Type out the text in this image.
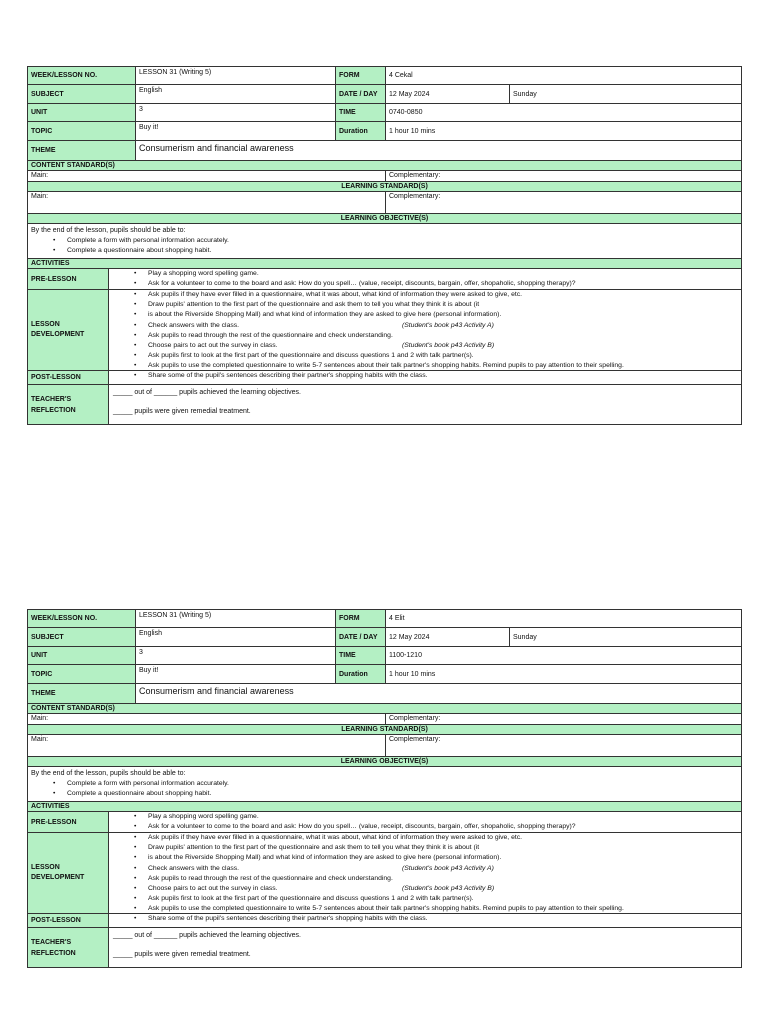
WEEK/LESSON NO.	LESSON 31 (Writing 5)	FORM	4 Cekal
SUBJECT	English	DATE / DAY	12 May 2024	Sunday
UNIT	3	TIME	0740-0850
TOPIC	Buy it!	Duration	1 hour 10 mins
THEME	Consumerism and financial awareness
CONTENT STANDARD(S)
Main:	Complementary:
LEARNING STANDARD(S)
Main:	Complementary:
LEARNING OBJECTIVE(S)
By the end of the lesson, pupils should be able to:
• Complete a form with personal information accurately.
• Complete a questionnaire about shopping habit.
ACTIVITIES
PRE-LESSON
• Play a shopping word spelling game.
• Ask for a volunteer to come to the board and ask: How do you spell… (value, receipt, discounts, bargain, offer, shopaholic, shopping therapy)?
LESSON
DEVELOPMENT
• Ask pupils if they have ever filled in a questionnaire, what it was about, what kind of information they were asked to give, etc.
• Draw pupils' attention to the first part of the questionnaire and ask them to tell you what they think it is about (it
• is about the Riverside Shopping Mall) and what kind of information they are asked to give here (personal information).
• Check answers with the class.	(Student's book p43 Activity A)
• Ask pupils to read through the rest of the questionnaire and check understanding.
• Choose pairs to act out the survey in class.	(Student's book p43 Activity B)
• Ask pupils first to look at the first part of the questionnaire and discuss questions 1 and 2 with talk partner(s).
• Ask pupils to use the completed questionnaire to write 5-7 sentences about their talk partner's shopping habits. Remind pupils to pay attention to their spelling.
POST-LESSON	• Share some of the pupil's sentences describing their partner's shopping habits with the class.
TEACHER'S
REFLECTION
_____ out of ______ pupils achieved the learning objectives.
_____ pupils were given remedial treatment.
WEEK/LESSON NO.	LESSON 31 (Writing 5)	FORM	4 Elit
SUBJECT	English	DATE / DAY	12 May 2024	Sunday
UNIT	3	TIME	1100-1210
TOPIC	Buy it!	Duration	1 hour 10 mins
THEME	Consumerism and financial awareness
CONTENT STANDARD(S)
Main:	Complementary:
LEARNING STANDARD(S)
Main:	Complementary:
LEARNING OBJECTIVE(S)
By the end of the lesson, pupils should be able to:
• Complete a form with personal information accurately.
• Complete a questionnaire about shopping habit.
ACTIVITIES
PRE-LESSON
• Play a shopping word spelling game.
• Ask for a volunteer to come to the board and ask: How do you spell… (value, receipt, discounts, bargain, offer, shopaholic, shopping therapy)?
LESSON
DEVELOPMENT
• Ask pupils if they have ever filled in a questionnaire, what it was about, what kind of information they were asked to give, etc.
• Draw pupils' attention to the first part of the questionnaire and ask them to tell you what they think it is about (it
• is about the Riverside Shopping Mall) and what kind of information they are asked to give here (personal information).
• Check answers with the class.	(Student's book p43 Activity A)
• Ask pupils to read through the rest of the questionnaire and check understanding.
• Choose pairs to act out the survey in class.	(Student's book p43 Activity B)
• Ask pupils first to look at the first part of the questionnaire and discuss questions 1 and 2 with talk partner(s).
• Ask pupils to use the completed questionnaire to write 5-7 sentences about their talk partner's shopping habits. Remind pupils to pay attention to their spelling.
POST-LESSON	• Share some of the pupil's sentences describing their partner's shopping habits with the class.
TEACHER'S
REFLECTION
_____ out of ______ pupils achieved the learning objectives.
_____ pupils were given remedial treatment.
